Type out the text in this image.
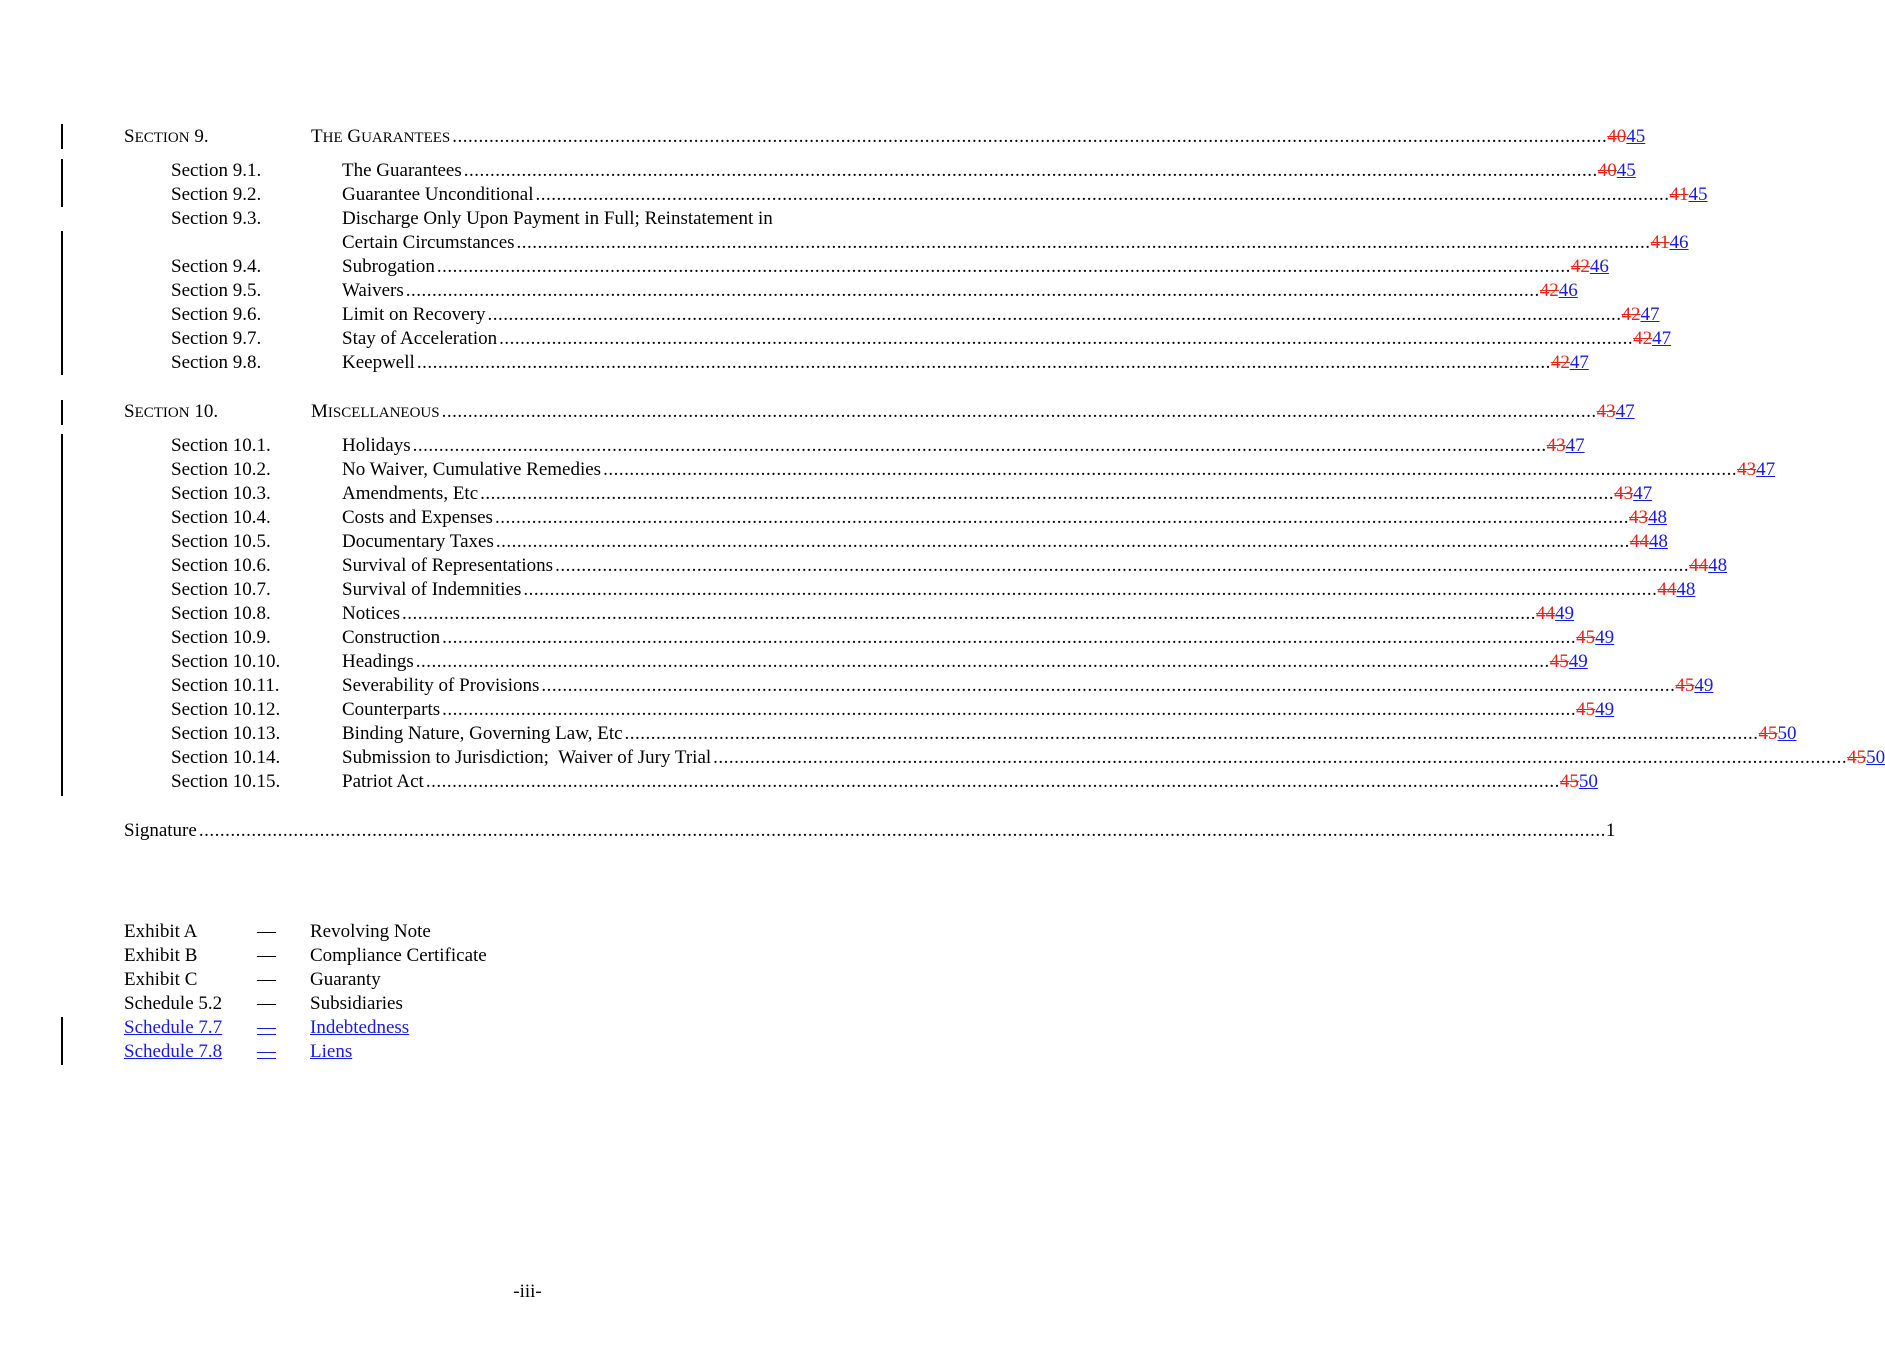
SECTION 9.	THE GUARANTEES ............................................................................................................................................................................................................................ 4045
Section 9.1.	The Guarantees ........................................................................................................................................................................................................................ 4045
Section 9.2.	Guarantee Unconditional ........................................................................................................................................................................................................................ 4145
Section 9.3.	Discharge Only Upon Payment in Full; Reinstatement in
Certain Circumstances ........................................................................................................................................................................................................................ 4146
Section 9.4.	Subrogation ........................................................................................................................................................................................................................ 4246
Section 9.5.	Waivers ........................................................................................................................................................................................................................ 4246
Section 9.6.	Limit on Recovery ........................................................................................................................................................................................................................ 4247
Section 9.7.	Stay of Acceleration ........................................................................................................................................................................................................................ 4247
Section 9.8.	Keepwell ........................................................................................................................................................................................................................ 4247
SECTION 10.	MISCELLANEOUS ............................................................................................................................................................................................................................ 4347
Section 10.1.	Holidays ........................................................................................................................................................................................................................ 4347
Section 10.2.	No Waiver, Cumulative Remedies ........................................................................................................................................................................................................................ 4347
Section 10.3.	Amendments, Etc ........................................................................................................................................................................................................................ 4347
Section 10.4.	Costs and Expenses ........................................................................................................................................................................................................................ 4348
Section 10.5.	Documentary Taxes ........................................................................................................................................................................................................................ 4448
Section 10.6.	Survival of Representations ........................................................................................................................................................................................................................ 4448
Section 10.7.	Survival of Indemnities ........................................................................................................................................................................................................................ 4448
Section 10.8.	Notices ........................................................................................................................................................................................................................ 4449
Section 10.9.	Construction ........................................................................................................................................................................................................................ 4549
Section 10.10.	Headings ........................................................................................................................................................................................................................ 4549
Section 10.11.	Severability of Provisions ........................................................................................................................................................................................................................ 4549
Section 10.12.	Counterparts ........................................................................................................................................................................................................................ 4549
Section 10.13.	Binding Nature, Governing Law, Etc ........................................................................................................................................................................................................................ 4550
Section 10.14.	Submission to Jurisdiction;  Waiver of Jury Trial ........................................................................................................................................................................................................................ 4550
Section 10.15.	Patriot Act ........................................................................................................................................................................................................................ 4550
Signature ............................................................................................................................................................................................................................................................................ 1
Exhibit A	— Revolving Note
Exhibit B	— Compliance Certificate
Exhibit C	— Guaranty
Schedule 5.2 — Subsidiaries
Schedule 7.7	—	Indebtedness
Schedule 7.8	—	Liens
-iii-
